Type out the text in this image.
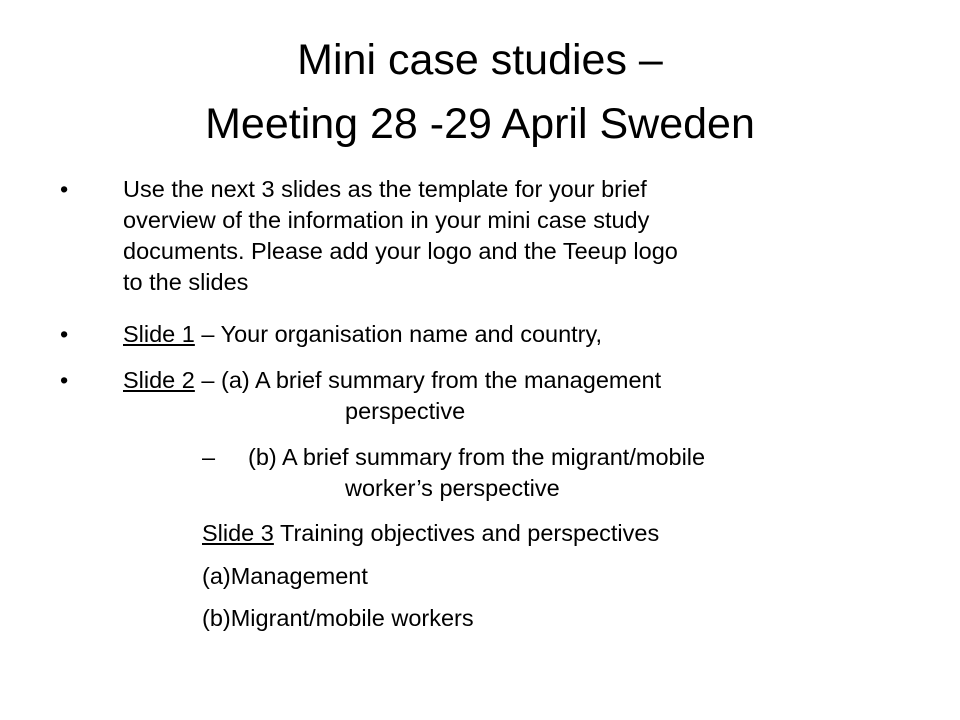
Mini case studies –
Meeting 28 -29 April Sweden
• Use the next 3 slides as the template for your brief
overview of the information in your mini case study
documents. Please add your logo and the Teeup logo
to the slides
• Slide 1 – Your organisation name and country,
• Slide 2 – (a) A brief summary from the management
perspective
– (b) A brief summary from the migrant/mobile
worker’s perspective
Slide 3 Training objectives and perspectives
(a)Management
(b)Migrant/mobile workers
